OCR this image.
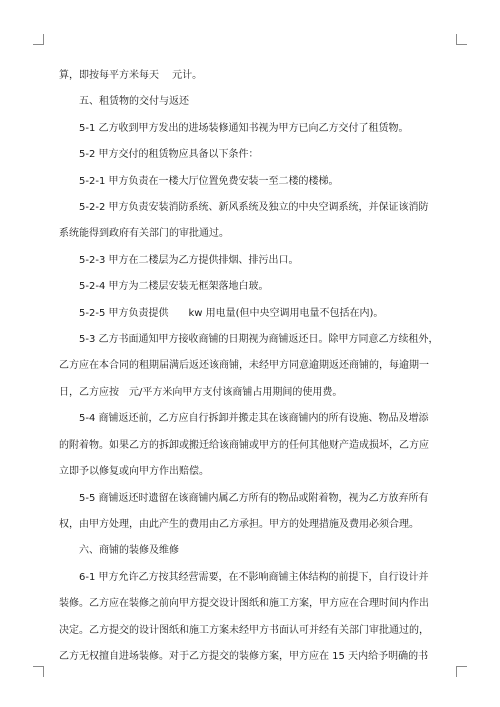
算，即按每平方米每天　 元计。

五、租赁物的交付与返还

5-1 乙方收到甲方发出的进场装修通知书视为甲方已向乙方交付了租赁物。

5-2 甲方交付的租赁物应具备以下条件：

5-2-1 甲方负责在一楼大厅位置免费安装一至二楼的楼梯。

5-2-2 甲方负责安装消防系统、新风系统及独立的中央空调系统，并保证该消防

系统能得到政府有关部门的审批通过。

5-2-3 甲方在二楼层为乙方提供排烟、排污出口。

5-2-4 甲方为二楼层安装无框架落地白玻。

5-2-5 甲方负责提供　　kw 用电量(但中央空调用电量不包括在内)。

5-3 乙方书面通知甲方接收商铺的日期视为商铺返还日。除甲方同意乙方续租外，

乙方应在本合同的租期届满后返还该商铺，未经甲方同意逾期返还商铺的，每逾期一

日，乙方应按　元/平方米向甲方支付该商铺占用期间的使用费。

5-4 商铺返还前，乙方应自行拆卸并搬走其在该商铺内的所有设施、物品及增添

的附着物。如果乙方的拆卸或搬迁给该商铺或甲方的任何其他财产造成损坏，乙方应

立即予以修复或向甲方作出赔偿。

5-5 商铺返还时遗留在该商铺内属乙方所有的物品或附着物，视为乙方放弃所有

权，由甲方处理，由此产生的费用由乙方承担。甲方的处理措施及费用必须合理。

六、商铺的装修及维修

6-1 甲方允许乙方按其经营需要，在不影响商铺主体结构的前提下，自行设计并

装修。乙方应在装修之前向甲方提交设计图纸和施工方案，甲方应在合理时间内作出

决定。乙方提交的设计图纸和施工方案未经甲方书面认可并经有关部门审批通过的，

乙方无权擅自进场装修。对于乙方提交的装修方案，甲方应在 15 天内给予明确的书
